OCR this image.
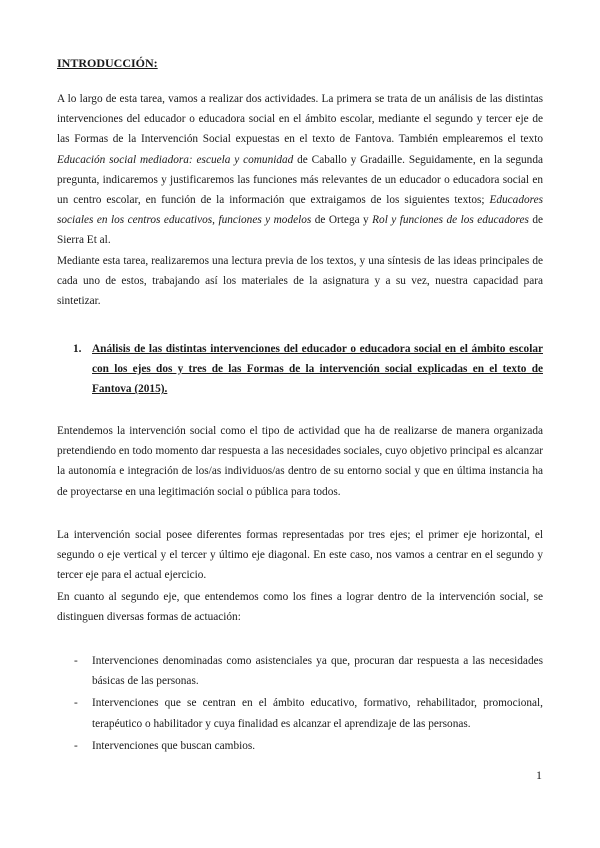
INTRODUCCIÓN:

A lo largo de esta tarea, vamos a realizar dos actividades. La primera se trata de un análisis de las distintas intervenciones del educador o educadora social en el ámbito escolar, mediante el segundo y tercer eje de las Formas de la Intervención Social expuestas en el texto de Fantova. También emplearemos el texto Educación social mediadora: escuela y comunidad de Caballo y Gradaille. Seguidamente, en la segunda pregunta, indicaremos y justificaremos las funciones más relevantes de un educador o educadora social en un centro escolar, en función de la información que extraigamos de los siguientes textos; Educadores sociales en los centros educativos, funciones y modelos de Ortega y Rol y funciones de los educadores de Sierra Et al.

Mediante esta tarea, realizaremos una lectura previa de los textos, y una síntesis de las ideas principales de cada uno de estos, trabajando así los materiales de la asignatura y a su vez, nuestra capacidad para sintetizar.

1. Análisis de las distintas intervenciones del educador o educadora social en el ámbito escolar con los ejes dos y tres de las Formas de la intervención social explicadas en el texto de Fantova (2015).

Entendemos la intervención social como el tipo de actividad que ha de realizarse de manera organizada pretendiendo en todo momento dar respuesta a las necesidades sociales, cuyo objetivo principal es alcanzar la autonomía e integración de los/as individuos/as dentro de su entorno social y que en última instancia ha de proyectarse en una legitimación social o pública para todos.

La intervención social posee diferentes formas representadas por tres ejes; el primer eje horizontal, el segundo o eje vertical y el tercer y último eje diagonal. En este caso, nos vamos a centrar en el segundo y tercer eje para el actual ejercicio.

En cuanto al segundo eje, que entendemos como los fines a lograr dentro de la intervención social, se distinguen diversas formas de actuación:

- Intervenciones denominadas como asistenciales ya que, procuran dar respuesta a las necesidades básicas de las personas.
- Intervenciones que se centran en el ámbito educativo, formativo, rehabilitador, promocional, terapéutico o habilitador y cuya finalidad es alcanzar el aprendizaje de las personas.
- Intervenciones que buscan cambios.
1
